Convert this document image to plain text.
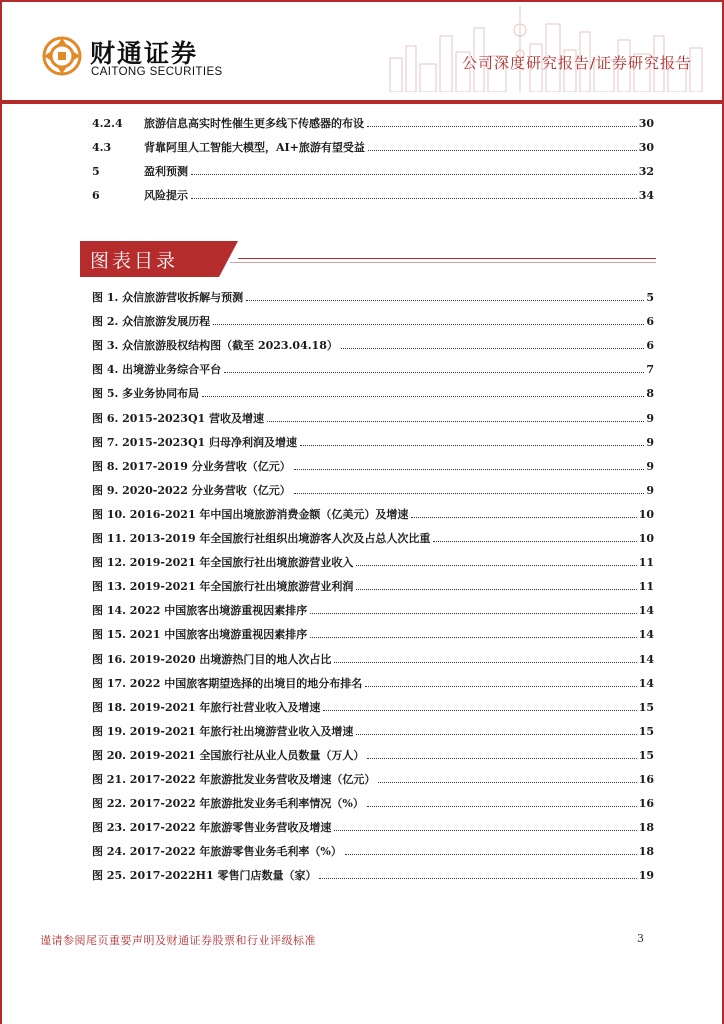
财通证券
CAITONG SECURITIES	公司深度研究报告/证券研究报告
4.2.4	旅游信息高实时性催生更多线下传感器的布设	30
4.3	背靠阿里人工智能大模型，AI+旅游有望受益	30
5	盈利预测	32
6	风险提示	34
图表目录
谨请参阅尾页重要声明及财通证券股票和行业评级标准	3
图 1. 众信旅游营收拆解与预测	5
图 2. 众信旅游发展历程	6
图 3. 众信旅游股权结构图（截至 2023.04.18）	6
图 4. 出境游业务综合平台	7
图 5. 多业务协同布局	8
图 6. 2015-2023Q1 营收及增速	9
图 7. 2015-2023Q1 归母净利润及增速	9
图 8. 2017-2019 分业务营收（亿元）	9
图 9. 2020-2022 分业务营收（亿元）	9
图 10. 2016-2021 年中国出境旅游消费金额（亿美元）及增速	10
图 11. 2013-2019 年全国旅行社组织出境游客人次及占总人次比重	10
图 12. 2019-2021 年全国旅行社出境旅游营业收入	11
图 13. 2019-2021 年全国旅行社出境旅游营业利润	11
图 14. 2022 中国旅客出境游重视因素排序	14
图 15. 2021 中国旅客出境游重视因素排序	14
图 16. 2019-2020 出境游热门目的地人次占比	14
图 17. 2022 中国旅客期望选择的出境目的地分布排名	14
图 18. 2019-2021 年旅行社营业收入及增速	15
图 19. 2019-2021 年旅行社出境游营业收入及增速	15
图 20. 2019-2021 全国旅行社从业人员数量（万人）	15
图 21. 2017-2022 年旅游批发业务营收及增速（亿元）	16
图 22. 2017-2022 年旅游批发业务毛利率情况（%）	16
图 23. 2017-2022 年旅游零售业务营收及增速	18
图 24. 2017-2022 年旅游零售业务毛利率（%）	18
图 25. 2017-2022H1 零售门店数量（家）	19
